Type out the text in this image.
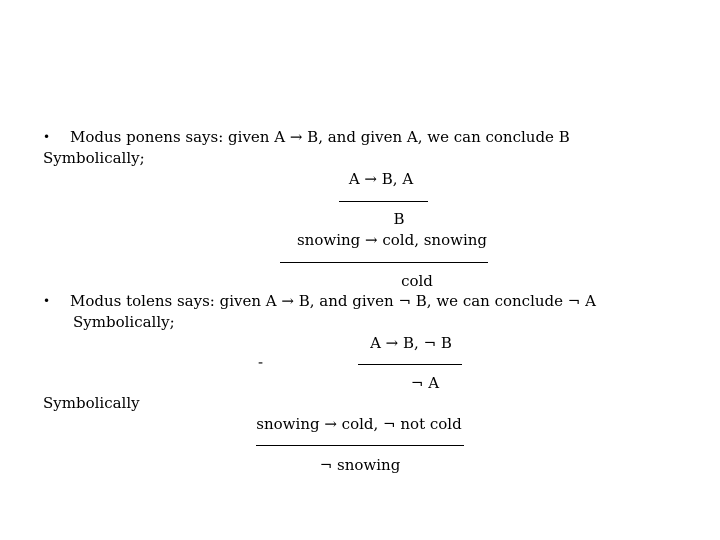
• Modus ponens says: given A → B, and given A, we can conclude B
Symbolically;
A → B, A
B
snowing → cold, snowing
cold
• Modus tolens says: given A → B, and given ¬ B, we can conclude ¬ A
Symbolically;
A → B, ¬ B
-
¬ A
Symbolically
snowing → cold, ¬ not cold
¬ snowing
